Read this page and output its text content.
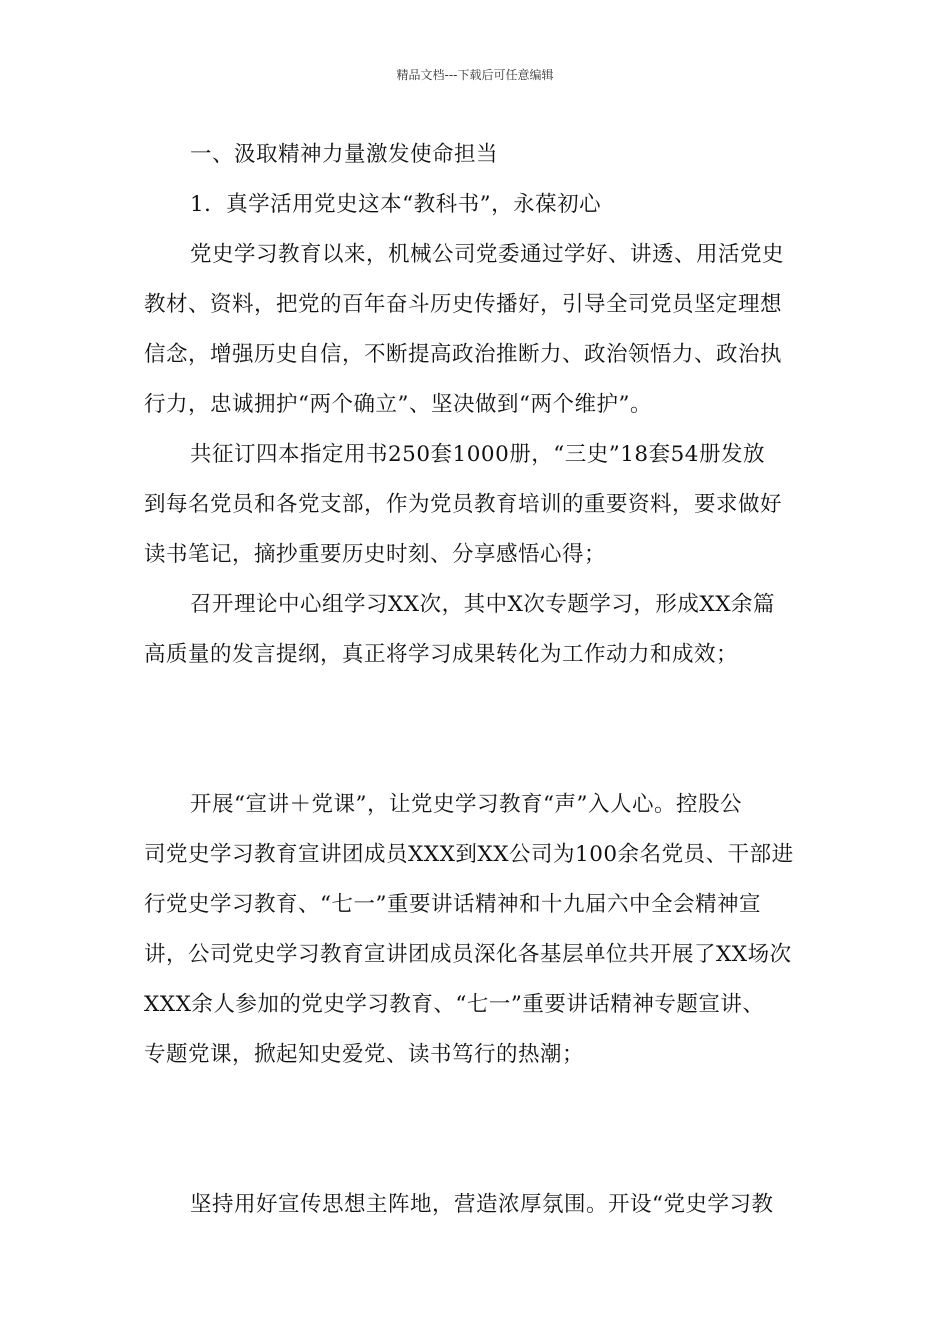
精品文档---下载后可任意编辑
一、汲取精神力量激发使命担当
1．真学活用党史这本“教科书”，永葆初心
党史学习教育以来，机械公司党委通过学好、讲透、用活党史
教材、资料，把党的百年奋斗历史传播好，引导全司党员坚定理想
信念，增强历史自信，不断提高政治推断力、政治领悟力、政治执
行力，忠诚拥护“两个确立”、坚决做到“两个维护”。
共征订四本指定用书250套1000册，“三史”18套54册发放
到每名党员和各党支部，作为党员教育培训的重要资料，要求做好
读书笔记，摘抄重要历史时刻、分享感悟心得；
召开理论中心组学习XX次，其中X次专题学习，形成XX余篇
高质量的发言提纲，真正将学习成果转化为工作动力和成效；
开展“宣讲＋党课”，让党史学习教育“声”入人心。控股公
司党史学习教育宣讲团成员XXX到XX公司为100余名党员、干部进
行党史学习教育、“七一”重要讲话精神和十九届六中全会精神宣
讲，公司党史学习教育宣讲团成员深化各基层单位共开展了XX场次
XXX余人参加的党史学习教育、“七一”重要讲话精神专题宣讲、
专题党课，掀起知史爱党、读书笃行的热潮；
坚持用好宣传思想主阵地，营造浓厚氛围。开设“党史学习教
